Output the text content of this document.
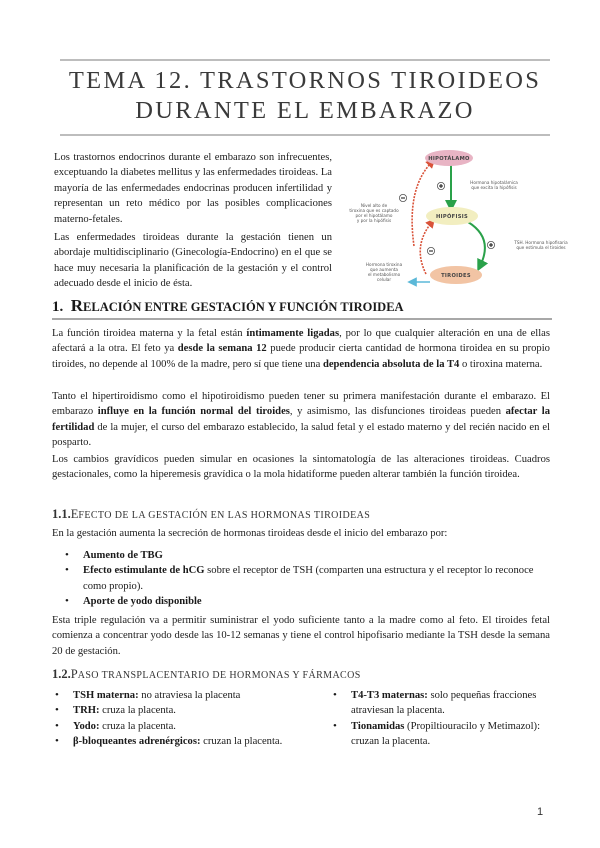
TEMA 12. TRASTORNOS TIROIDEOS
DURANTE EL EMBARAZO
Los trastornos endocrinos durante el embarazo son infrecuentes, exceptuando la diabetes mellitus y las enfermedades tiroideas. La mayoría de las enfermedades endocrinas producen infertilidad y representan un reto médico por las posibles complicaciones materno-fetales.
Las enfermedades tiroideas durante la gestación tienen un abordaje multidisciplinario (Ginecología-Endocrino) en el que se hace muy necesaria la planificación de la gestación y el control adecuado desde el inicio de ésta.
HIPOTÁLAMO
HIPÓFISIS
TIROIDES
Hormona hipotalámica
que excita la hipófisis
TSH. Hormona hipofisaria
que estimula el tiroides
Nivel alto de
tiroxina que es captado
por el hipotálamo
y por la hipófisis
Hormona tiroxina
que aumenta
el metabolismo
celular
1. RELACIÓN ENTRE GESTACIÓN Y FUNCIÓN TIROIDEA
La función tiroidea materna y la fetal están íntimamente ligadas, por lo que cualquier alteración en una de ellas afectará a la otra. El feto ya desde la semana 12 puede producir cierta cantidad de hormona tiroidea en su propio tiroides, no depende al 100% de la madre, pero sí que tiene una dependencia absoluta de la T4 o tiroxina materna.
Tanto el hipertiroidismo como el hipotiroidismo pueden tener su primera manifestación durante el embarazo. El embarazo influye en la función normal del tiroides, y asimismo, las disfunciones tiroideas pueden afectar la fertilidad de la mujer, el curso del embarazo establecido, la salud fetal y el estado materno y del recién nacido en el posparto.
Los cambios gravídicos pueden simular en ocasiones la sintomatología de las alteraciones tiroideas. Cuadros gestacionales, como la hiperemesis gravídica o la mola hidatiforme pueden alterar también la función tiroidea.
1.1.EFECTO DE LA GESTACIÓN EN LAS HORMONAS TIROIDEAS
En la gestación aumenta la secreción de hormonas tiroideas desde el inicio del embarazo por:
• Aumento de TBG
• Efecto estimulante de hCG sobre el receptor de TSH (comparten una estructura y el receptor lo reconoce como propio).
• Aporte de yodo disponible
Esta triple regulación va a permitir suministrar el yodo suficiente tanto a la madre como al feto. El tiroides fetal comienza a concentrar yodo desde las 10-12 semanas y tiene el control hipofisario mediante la TSH desde la semana 20 de gestación.
1.2.PASO TRANSPLACENTARIO DE HORMONAS Y FÁRMACOS
• TSH materna: no atraviesa la placenta
• TRH: cruza la placenta.
• Yodo: cruza la placenta.
• β-bloqueantes adrenérgicos: cruzan la placenta.
• T4-T3 maternas: solo pequeñas fracciones atraviesan la placenta.
• Tionamidas (Propiltiouracilo y Metimazol): cruzan la placenta.
1
